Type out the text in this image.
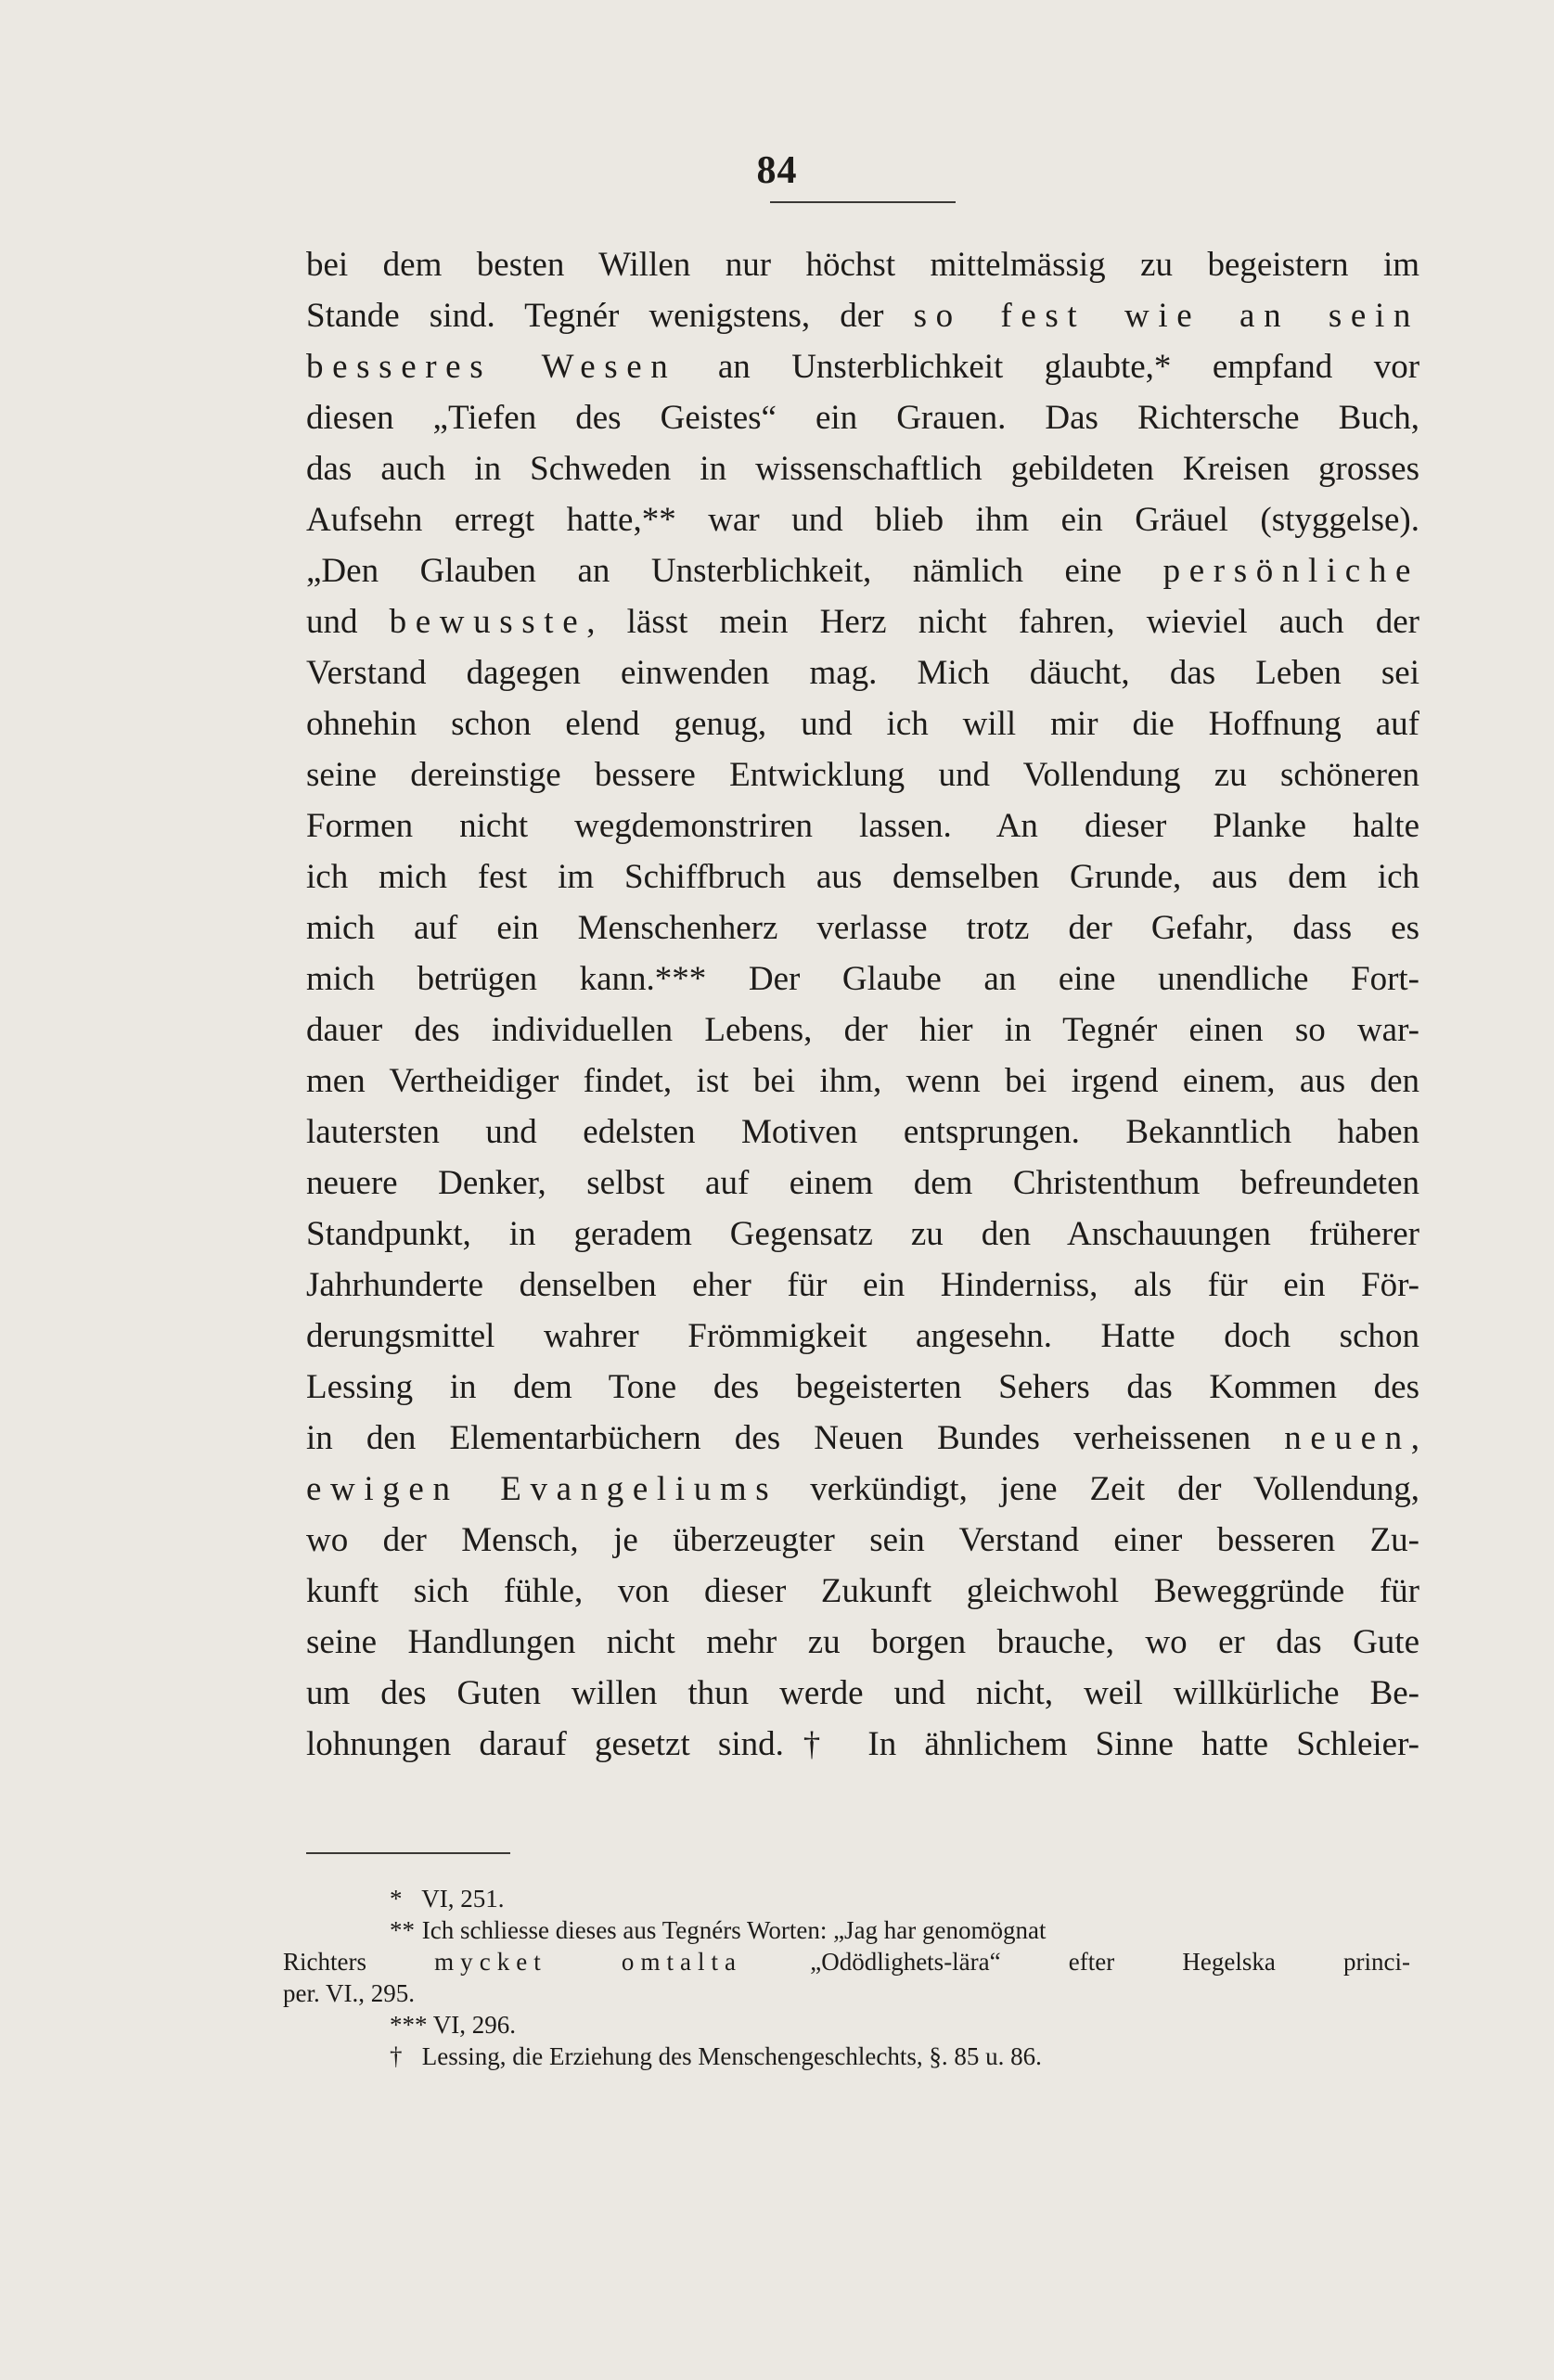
84
bei dem besten Willen nur höchst mittelmässig zu begeistern im
Stande sind. Tegnér wenigstens, der so fest wie an sein
besseres Wesen an Unsterblichkeit glaubte,* empfand vor
diesen „Tiefen des Geistes“ ein Grauen. Das Richtersche Buch,
das auch in Schweden in wissenschaftlich gebildeten Kreisen grosses
Aufsehn erregt hatte,** war und blieb ihm ein Gräuel (styggelse).
„Den Glauben an Unsterblichkeit, nämlich eine persönliche
und bewusste, lässt mein Herz nicht fahren, wieviel auch der
Verstand dagegen einwenden mag. Mich däucht, das Leben sei
ohnehin schon elend genug, und ich will mir die Hoffnung auf
seine dereinstige bessere Entwicklung und Vollendung zu schöneren
Formen nicht wegdemonstriren lassen. An dieser Planke halte
ich mich fest im Schiffbruch aus demselben Grunde, aus dem ich
mich auf ein Menschenherz verlasse trotz der Gefahr, dass es
mich betrügen kann.*** Der Glaube an eine unendliche Fort-
dauer des individuellen Lebens, der hier in Tegnér einen so war-
men Vertheidiger findet, ist bei ihm, wenn bei irgend einem, aus den
lautersten und edelsten Motiven entsprungen. Bekanntlich haben
neuere Denker, selbst auf einem dem Christenthum befreundeten
Standpunkt, in geradem Gegensatz zu den Anschauungen früherer
Jahrhunderte denselben eher für ein Hinderniss, als für ein För-
derungsmittel wahrer Frömmigkeit angesehn. Hatte doch schon
Lessing in dem Tone des begeisterten Sehers das Kommen des
in den Elementarbüchern des Neuen Bundes verheissenen neuen,
ewigen Evangeliums verkündigt, jene Zeit der Vollendung,
wo der Mensch, je überzeugter sein Verstand einer besseren Zu-
kunft sich fühle, von dieser Zukunft gleichwohl Beweggründe für
seine Handlungen nicht mehr zu borgen brauche, wo er das Gute
um des Guten willen thun werde und nicht, weil willkürliche Be-
lohnungen darauf gesetzt sind.† In ähnlichem Sinne hatte Schleier-
* VI, 251.
** Ich schliesse dieses aus Tegnérs Worten: „Jag har genomögnat
Richters mycket omtalta „Odödlighets-lära“ efter Hegelska princi-
per. VI., 295.
*** VI, 296.
† Lessing, die Erziehung des Menschengeschlechts, §. 85 u. 86.
